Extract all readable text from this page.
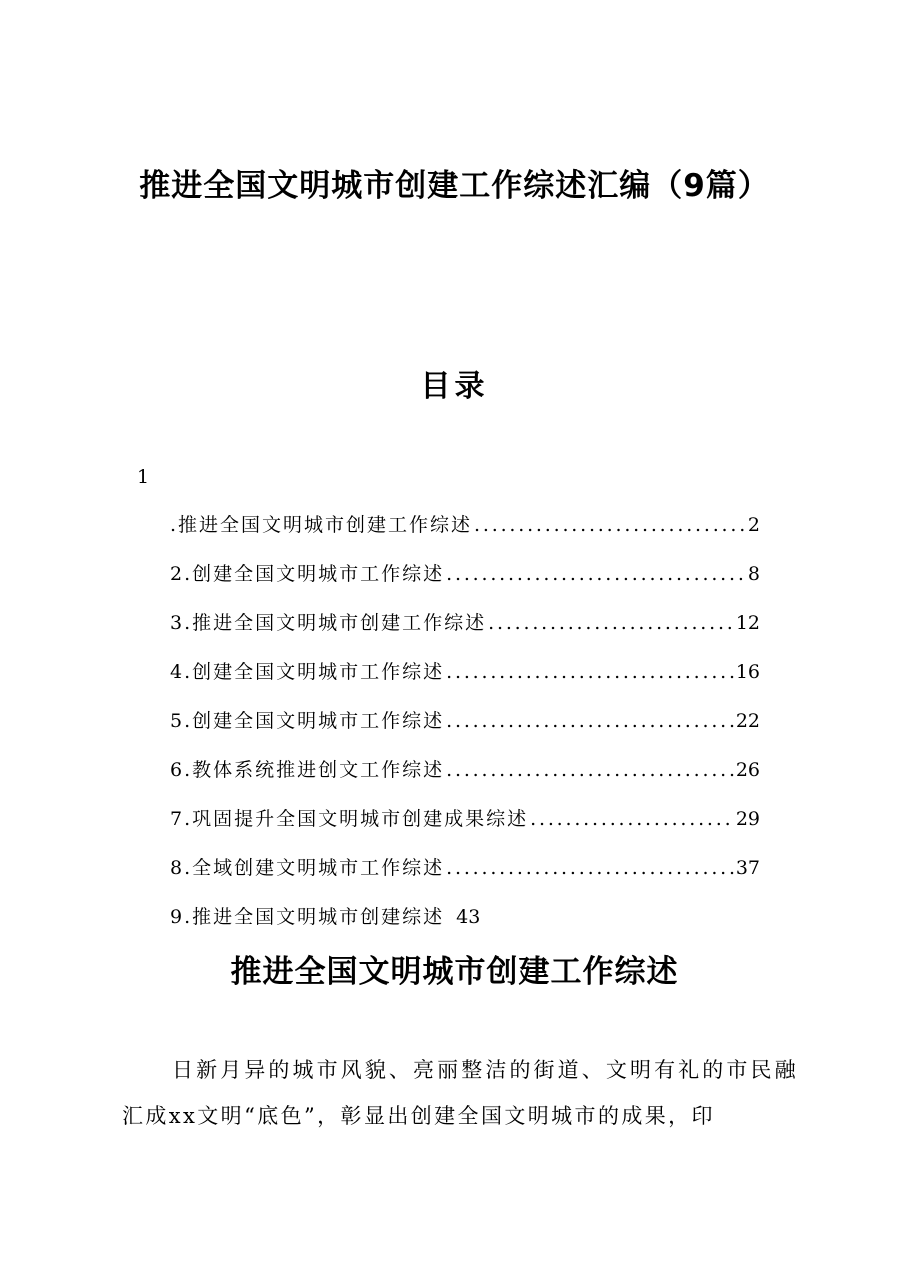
推进全国文明城市创建工作综述汇编（9篇）
目录
1
.推进全国文明城市创建工作综述 .....	2
2.创建全国文明城市工作综述 .....	8
3.推进全国文明城市创建工作综述 .....	12
4.创建全国文明城市工作综述 .....	16
5.创建全国文明城市工作综述 .....	22
6.教体系统推进创文工作综述 .....	26
7.巩固提升全国文明城市创建成果综述 .....	29
8.全域创建文明城市工作综述 .....	37
9.推进全国文明城市创建综述 43
推进全国文明城市创建工作综述

日新月异的城市风貌、亮丽整洁的街道、文明有礼的市民融汇成xx文明“底色”，彰显出创建全国文明城市的成果，印
